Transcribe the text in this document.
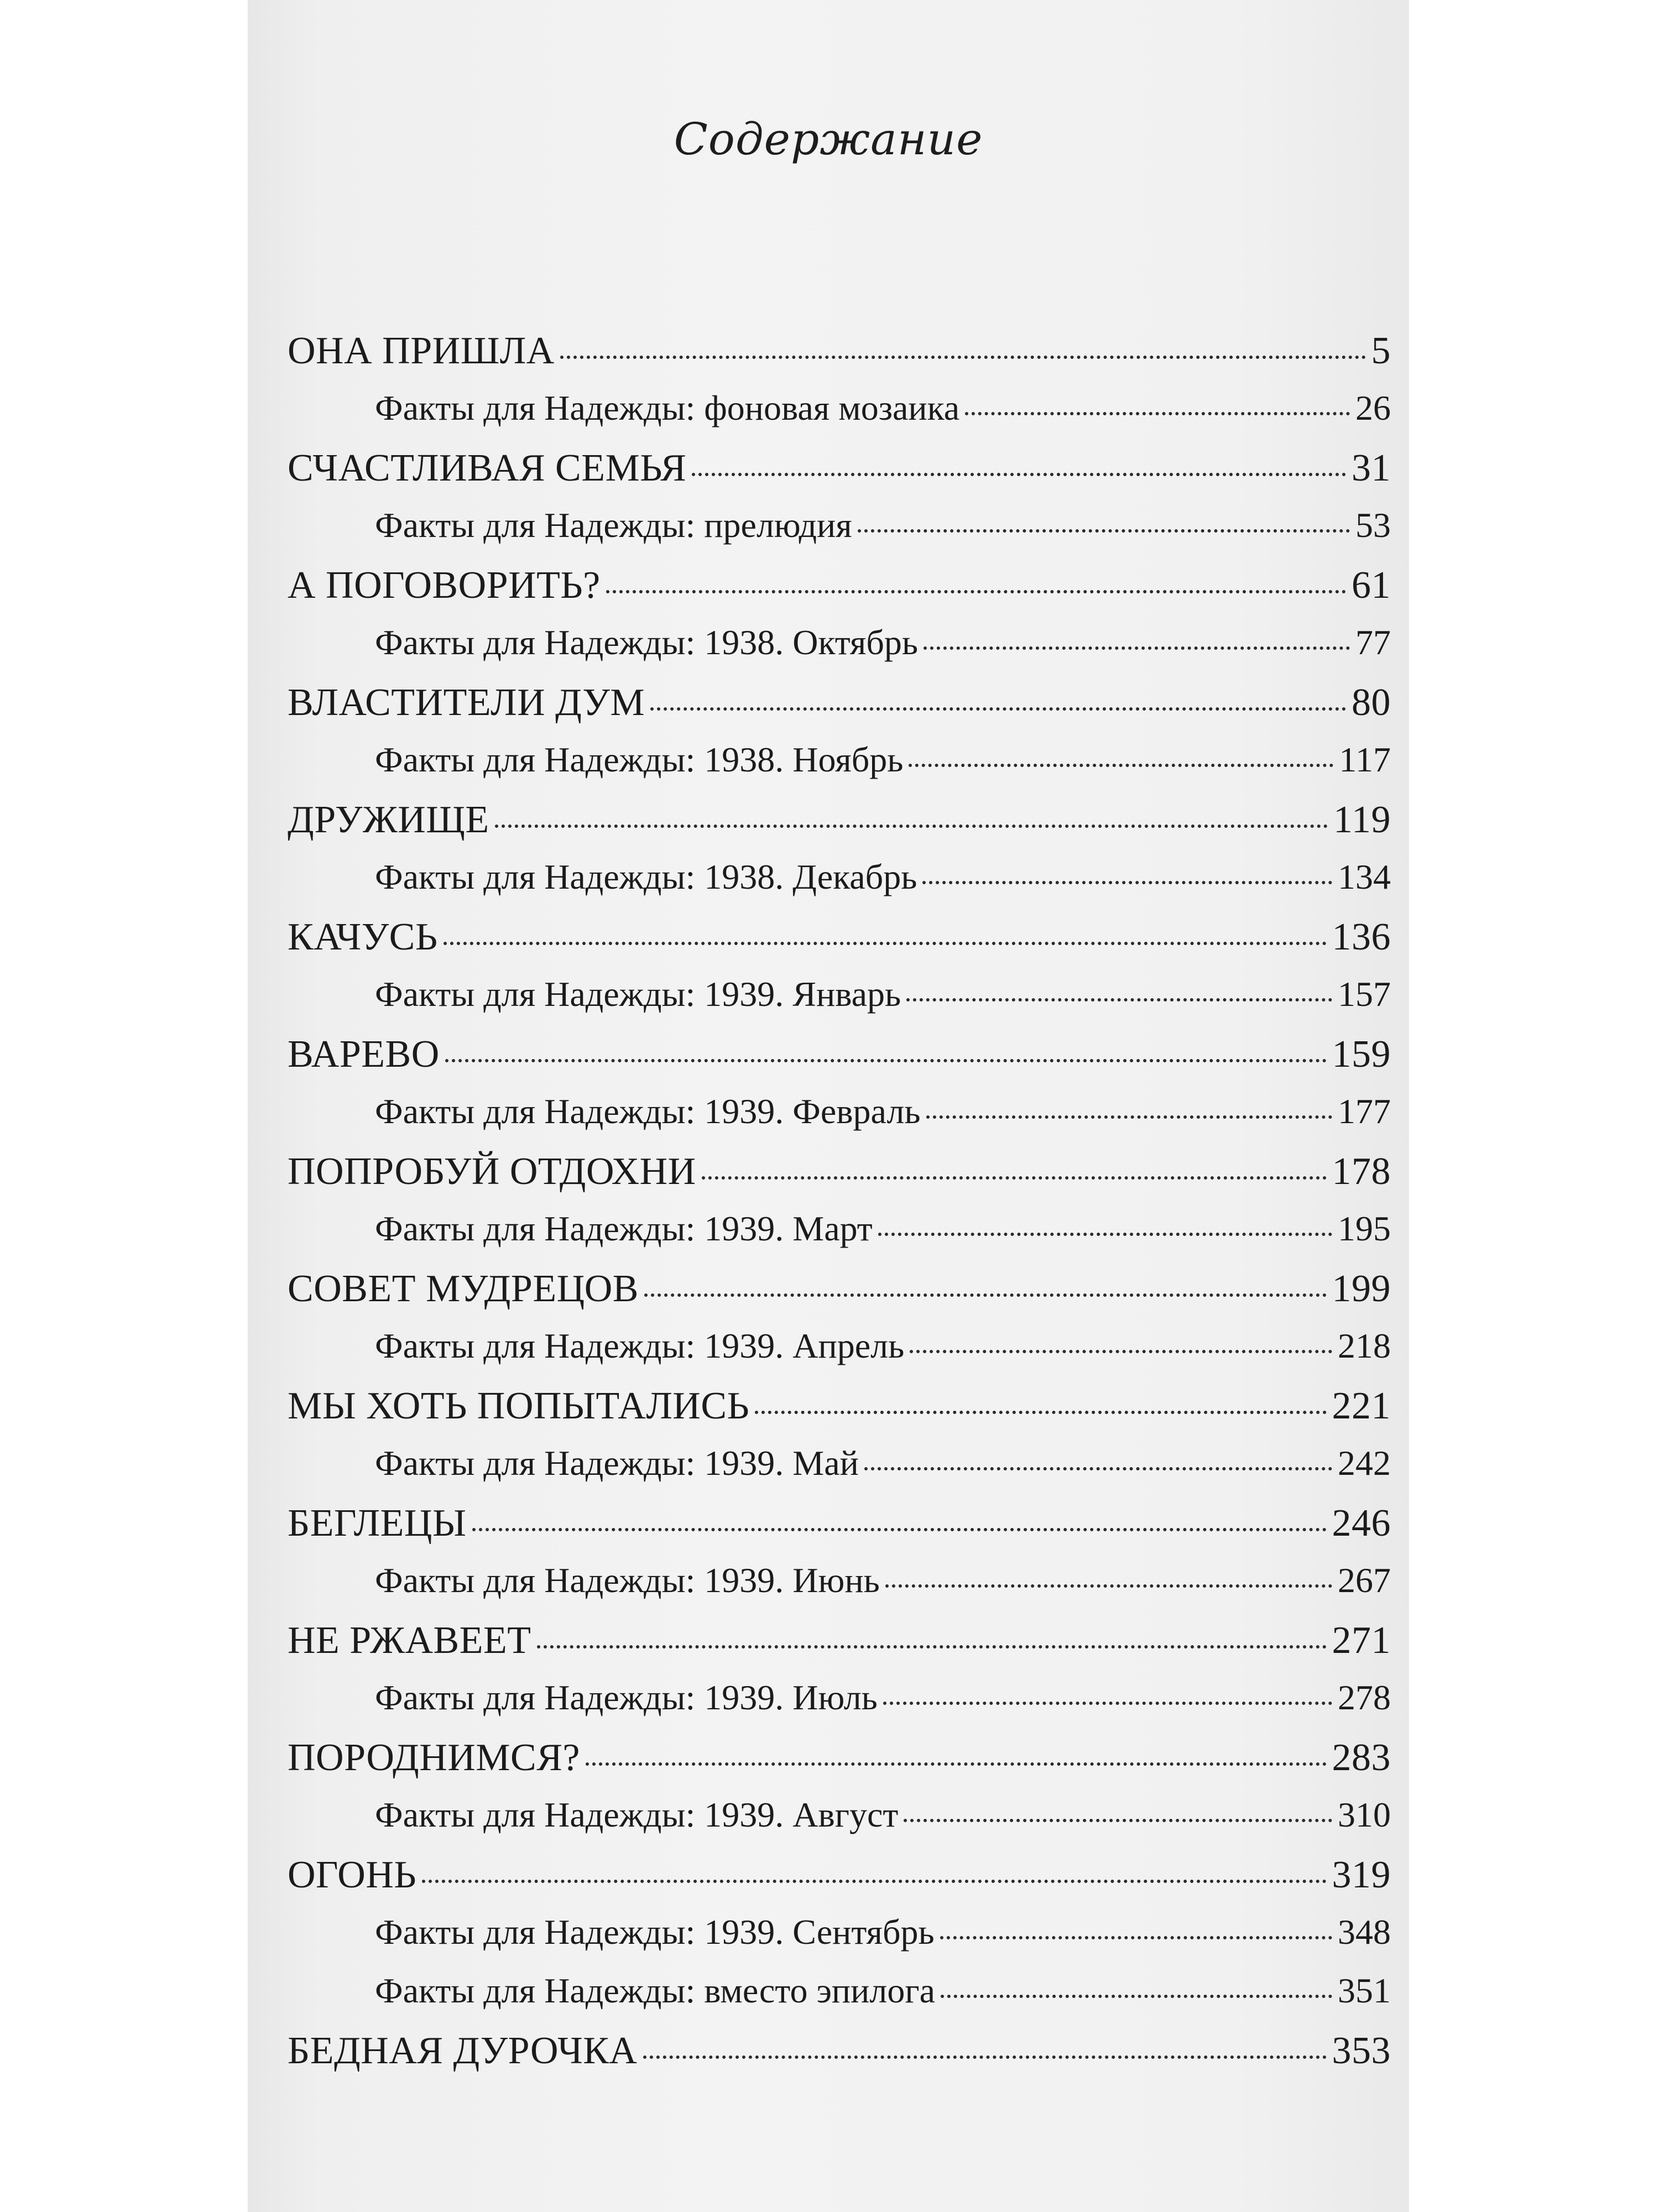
Содержание
ОНА ПРИШЛА	5
Факты для Надежды: фоновая мозаика	26
СЧАСТЛИВАЯ СЕМЬЯ	31
Факты для Надежды: прелюдия	53
А ПОГОВОРИТЬ?	61
Факты для Надежды: 1938. Октябрь	77
ВЛАСТИТЕЛИ ДУМ	80
Факты для Надежды: 1938. Ноябрь	117
ДРУЖИЩЕ	119
Факты для Надежды: 1938. Декабрь	134
КАЧУСЬ	136
Факты для Надежды: 1939. Январь	157
ВАРЕВО	159
Факты для Надежды: 1939. Февраль	177
ПОПРОБУЙ ОТДОХНИ	178
Факты для Надежды: 1939. Март	195
СОВЕТ МУДРЕЦОВ	199
Факты для Надежды: 1939. Апрель	218
МЫ ХОТЬ ПОПЫТАЛИСЬ	221
Факты для Надежды: 1939. Май	242
БЕГЛЕЦЫ	246
Факты для Надежды: 1939. Июнь	267
НЕ РЖАВЕЕТ	271
Факты для Надежды: 1939. Июль	278
ПОРОДНИМСЯ?	283
Факты для Надежды: 1939. Август	310
ОГОНЬ	319
Факты для Надежды: 1939. Сентябрь	348
Факты для Надежды: вместо эпилога	351
БЕДНАЯ ДУРОЧКА	353
